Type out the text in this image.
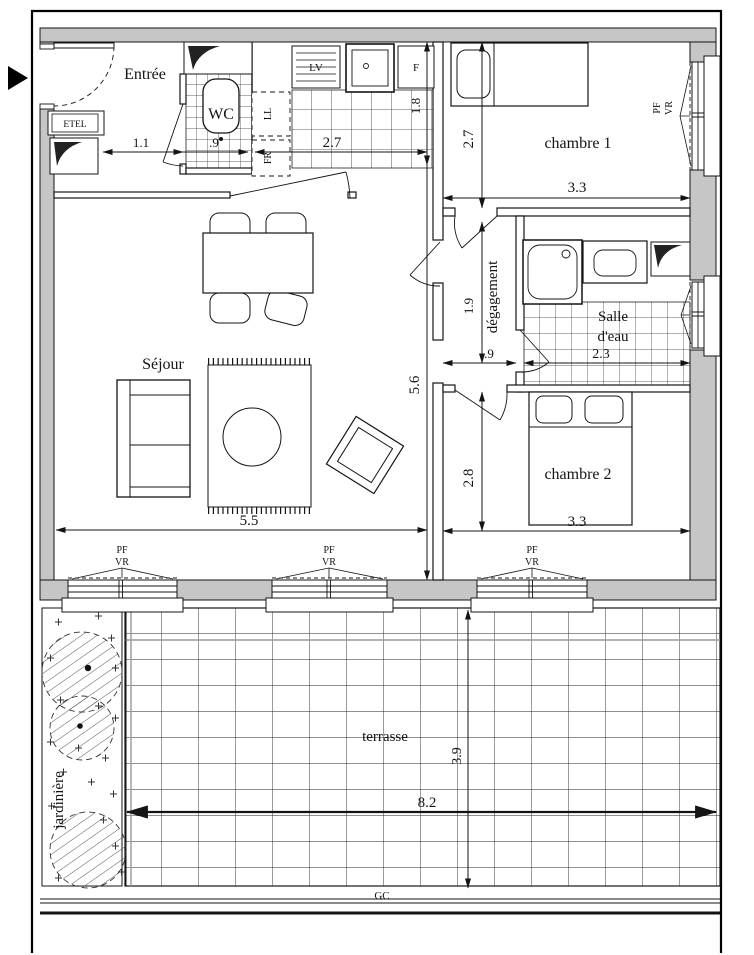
ETEL
WC
LV	F
LL
FR
PF
VR
PF
VR
PF
VR
PF VR
Entrée
Séjour
chambre 1
chambre 2
Salle
d'eau
dégagement
terrasse
jardinière
GC
1.1	.9	2.7
1.8
2.7
3.3
1.9
.9	2.3
2.8
3.3
5.6
5.5
8.2
3.9
